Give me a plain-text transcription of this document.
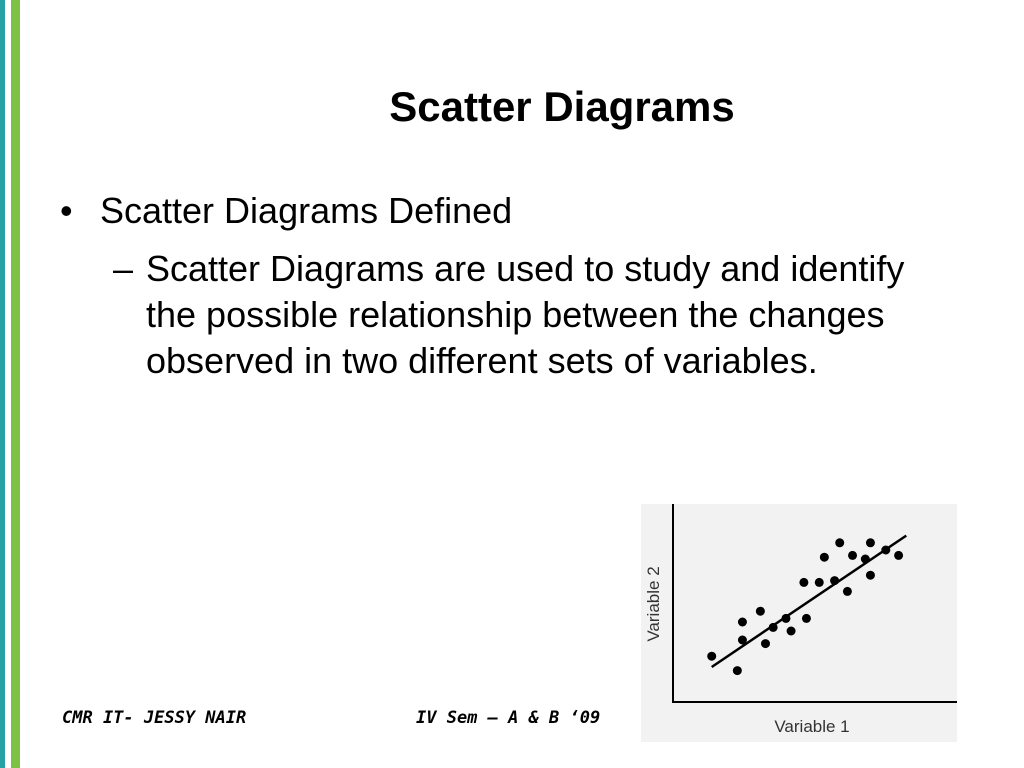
Scatter Diagrams
• Scatter Diagrams Defined
– Scatter Diagrams are used to study and identify the possible relationship between the changes observed in two different sets of variables.
Variable 2
Variable 1
CMR IT- JESSY NAIR	IV Sem – A & B ‘09
